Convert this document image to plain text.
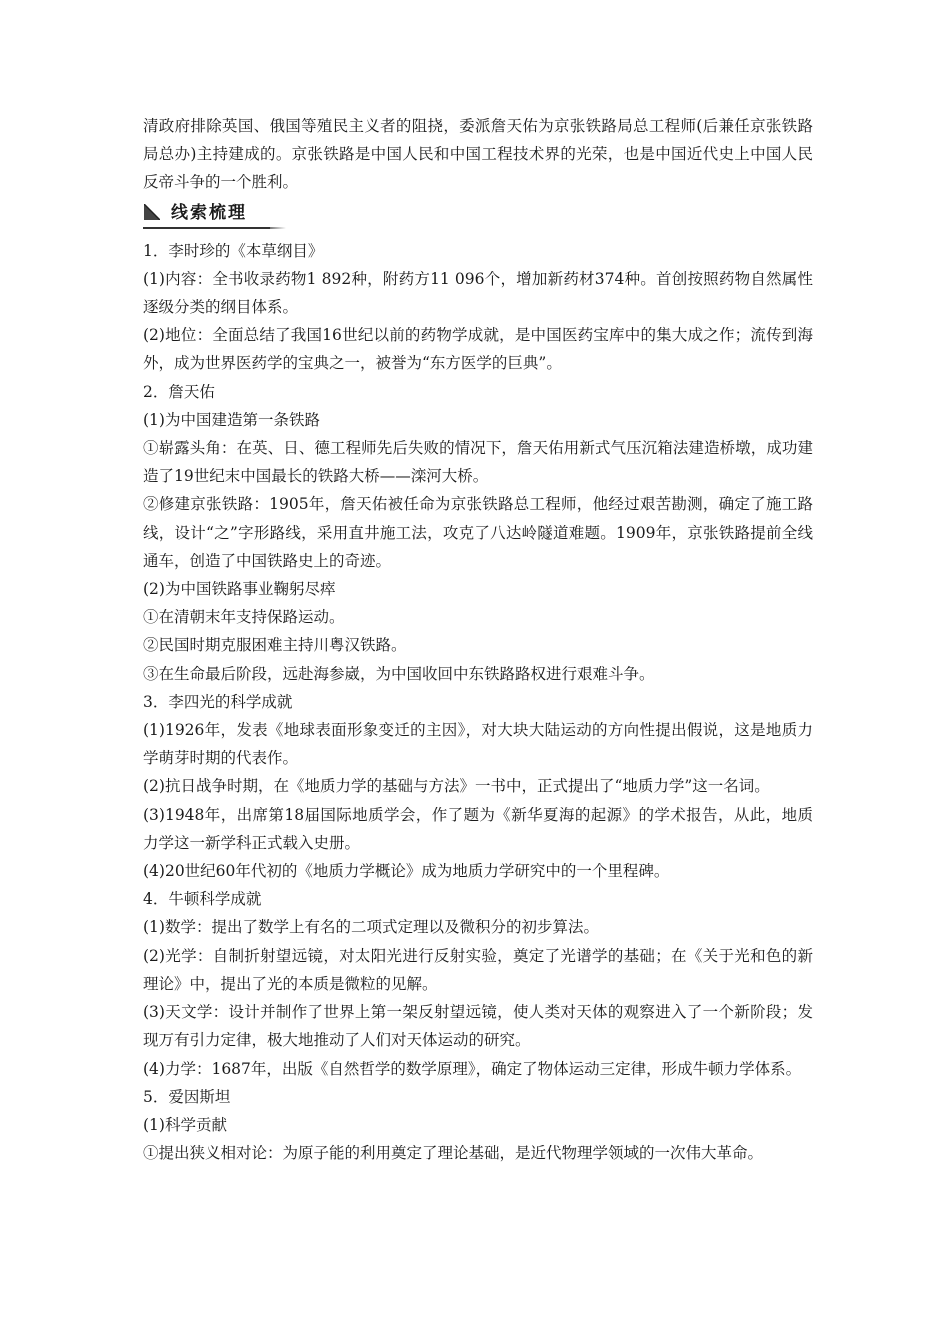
清政府排除英国、俄国等殖民主义者的阻挠，委派詹天佑为京张铁路局总工程师(后兼任京张铁路局总办)主持建成的。京张铁路是中国人民和中国工程技术界的光荣，也是中国近代史上中国人民反帝斗争的一个胜利。

线索梳理

1．李时珍的《本草纲目》

(1)内容：全书收录药物1 892种，附药方11 096个，增加新药材374种。首创按照药物自然属性逐级分类的纲目体系。

(2)地位：全面总结了我国16世纪以前的药物学成就，是中国医药宝库中的集大成之作；流传到海外，成为世界医药学的宝典之一，被誉为“东方医学的巨典”。

2．詹天佑

(1)为中国建造第一条铁路

①崭露头角：在英、日、德工程师先后失败的情况下，詹天佑用新式气压沉箱法建造桥墩，成功建造了19世纪末中国最长的铁路大桥——滦河大桥。

②修建京张铁路：1905年，詹天佑被任命为京张铁路总工程师，他经过艰苦勘测，确定了施工路线，设计“之”字形路线，采用直井施工法，攻克了八达岭隧道难题。1909年，京张铁路提前全线通车，创造了中国铁路史上的奇迹。

(2)为中国铁路事业鞠躬尽瘁

①在清朝末年支持保路运动。

②民国时期克服困难主持川粤汉铁路。

③在生命最后阶段，远赴海参崴，为中国收回中东铁路路权进行艰难斗争。

3．李四光的科学成就

(1)1926年，发表《地球表面形象变迁的主因》，对大块大陆运动的方向性提出假说，这是地质力学萌芽时期的代表作。

(2)抗日战争时期，在《地质力学的基础与方法》一书中，正式提出了“地质力学”这一名词。

(3)1948年，出席第18届国际地质学会，作了题为《新华夏海的起源》的学术报告，从此，地质力学这一新学科正式载入史册。

(4)20世纪60年代初的《地质力学概论》成为地质力学研究中的一个里程碑。

4．牛顿科学成就

(1)数学：提出了数学上有名的二项式定理以及微积分的初步算法。

(2)光学：自制折射望远镜，对太阳光进行反射实验，奠定了光谱学的基础；在《关于光和色的新理论》中，提出了光的本质是微粒的见解。

(3)天文学：设计并制作了世界上第一架反射望远镜，使人类对天体的观察进入了一个新阶段；发现万有引力定律，极大地推动了人们对天体运动的研究。

(4)力学：1687年，出版《自然哲学的数学原理》，确定了物体运动三定律，形成牛顿力学体系。

5．爱因斯坦

(1)科学贡献

①提出狭义相对论：为原子能的利用奠定了理论基础，是近代物理学领域的一次伟大革命。
